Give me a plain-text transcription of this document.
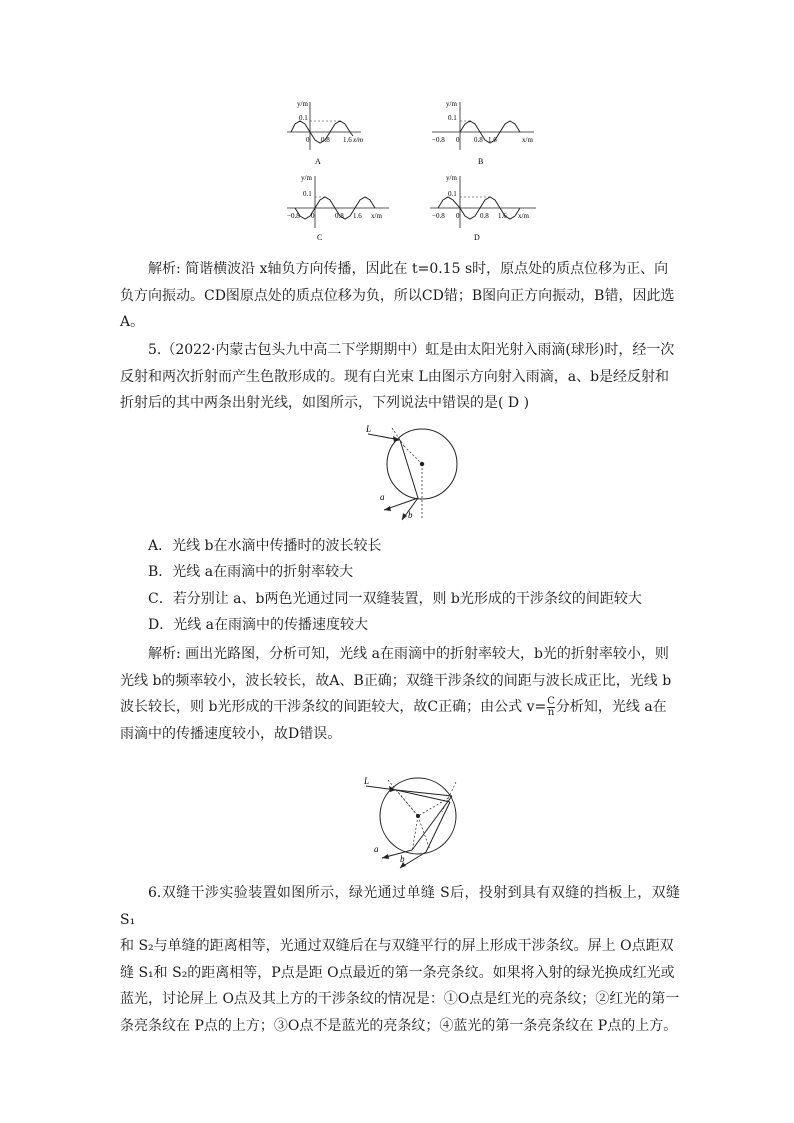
y/m
0.1
0 0.8 1.6 x/m
A
y/m
0.1
−0.8 0 0.8 1.6	x/m
B
y/m
0.1
−0.8 0	0.8 1.6 x/m
C
y/m
0.1
−0.8 0	0.8 1.6 x/m
D

解析: 简谐横波沿 x轴负方向传播，因此在 t=0.15 s时，原点处的质点位移为正、向
负方向振动。CD图原点处的质点位移为负，所以CD错；B图向正方向振动，B错，因此选
A。

5.（2022·内蒙古包头九中高二下学期期中）虹是由太阳光射入雨滴(球形)时，经一次
反射和两次折射而产生色散形成的。现有白光束 L由图示方向射入雨滴，a、b是经反射和
折射后的其中两条出射光线，如图所示，下列说法中错误的是( D )

L
a
b
A．光线 b在水滴中传播时的波长较长
B．光线 a在雨滴中的折射率较大
C．若分别让 a、b两色光通过同一双缝装置，则 b光形成的干涉条纹的间距较大
D．光线 a在雨滴中的传播速度较大

解析: 画出光路图，分析可知，光线 a在雨滴中的折射率较大，b光的折射率较小，则
光线 b的频率较小，波长较长，故A、B正确；双缝干涉条纹的间距与波长成正比，光线 b
波长较长，则 b光形成的干涉条纹的间距较大，故C正确；由公式 $v= \frac{C}{n}$ 分析知，光线 a在
雨滴中的传播速度较小，故D错误。

L
a
b

6.双缝干涉实验装置如图所示，绿光通过单缝 S后，投射到具有双缝的挡板上，双缝 S₁
和 S₂与单缝的距离相等，光通过双缝后在与双缝平行的屏上形成干涉条纹。屏上 O点距双
缝 S₁和 S₂的距离相等，P点是距 O点最近的第一条亮条纹。如果将入射的绿光换成红光或
蓝光，讨论屏上 O点及其上方的干涉条纹的情况是：①O点是红光的亮条纹；②红光的第一
条亮条纹在 P点的上方；③O点不是蓝光的亮条纹；④蓝光的第一条亮条纹在 P点的上方。
